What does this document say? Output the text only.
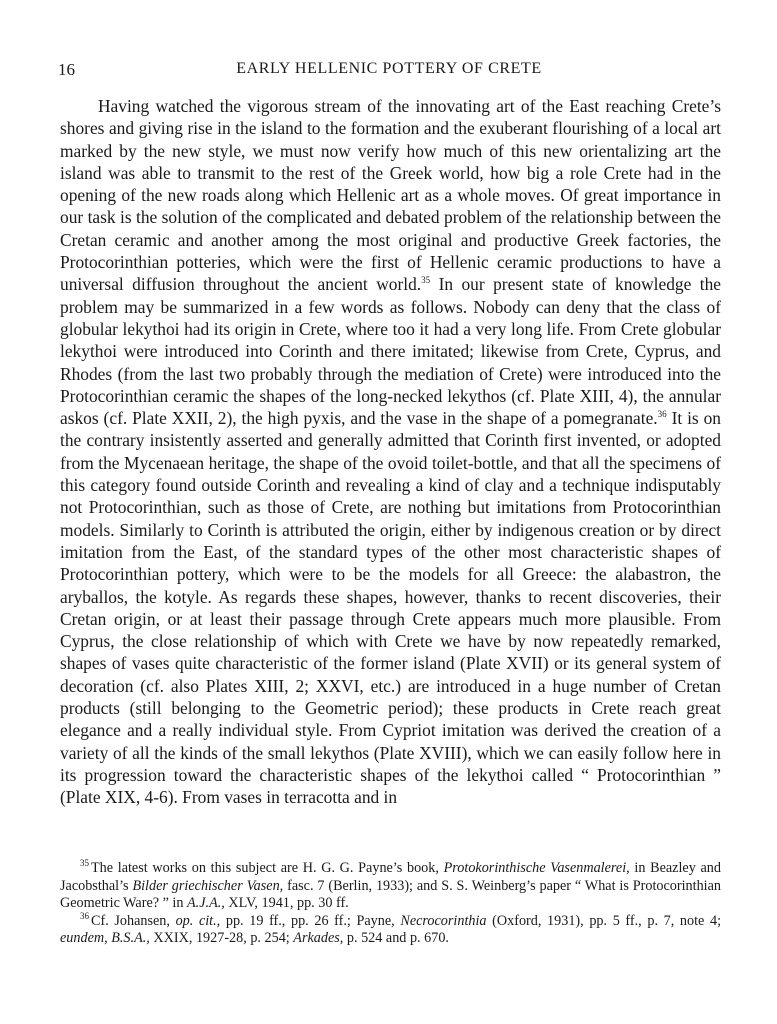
16	EARLY HELLENIC POTTERY OF CRETE

Having watched the vigorous stream of the innovating art of the East reaching Crete’s shores and giving rise in the island to the formation and the exuberant flourishing of a local art marked by the new style, we must now verify how much of this new orientalizing art the island was able to transmit to the rest of the Greek world, how big a role Crete had in the opening of the new roads along which Hellenic art as a whole moves. Of great importance in our task is the solution of the complicated and debated problem of the relationship between the Cretan ceramic and another among the most original and productive Greek factories, the Protocorinthian potteries, which were the first of Hellenic ceramic productions to have a universal diffusion throughout the ancient world.$^{35}$ In our present state of knowledge the problem may be summarized in a few words as follows. Nobody can deny that the class of globular lekythoi had its origin in Crete, where too it had a very long life. From Crete globular lekythoi were introduced into Corinth and there imitated; likewise from Crete, Cyprus, and Rhodes (from the last two probably through the mediation of Crete) were introduced into the Protocorinthian ceramic the shapes of the long-necked lekythos (cf. Plate XIII, 4), the annular askos (cf. Plate XXII, 2), the high pyxis, and the vase in the shape of a pomegranate.$^{36}$ It is on the contrary insistently asserted and generally admitted that Corinth first invented, or adopted from the Mycenaean heritage, the shape of the ovoid toilet-bottle, and that all the specimens of this category found outside Corinth and revealing a kind of clay and a technique indisputably not Protocorinthian, such as those of Crete, are nothing but imitations from Protocorinthian models. Similarly to Corinth is attributed the origin, either by indigenous creation or by direct imitation from the East, of the standard types of the other most characteristic shapes of Protocorinthian pottery, which were to be the models for all Greece: the alabastron, the aryballos, the kotyle. As regards these shapes, however, thanks to recent discoveries, their Cretan origin, or at least their passage through Crete appears much more plausible. From Cyprus, the close relationship of which with Crete we have by now repeatedly remarked, shapes of vases quite characteristic of the former island (Plate XVII) or its general system of decoration (cf. also Plates XIII, 2; XXVI, etc.) are introduced in a huge number of Cretan products (still belonging to the Geometric period); these products in Crete reach great elegance and a really individual style. From Cypriot imitation was derived the creation of a variety of all the kinds of the small lekythos (Plate XVIII), which we can easily follow here in its progression toward the characteristic shapes of the lekythoi called “ Protocorinthian ” (Plate XIX, 4-6). From vases in terracotta and in

$^{35}$ The latest works on this subject are H. G. G. Payne’s book, Protokorinthische Vasenmalerei, in Beazley and Jacobsthal’s Bilder griechischer Vasen, fasc. 7 (Berlin, 1933); and S. S. Weinberg’s paper “ What is Protocorinthian Geometric Ware? ” in A.J.A., XLV, 1941, pp. 30 ff.

$^{36}$ Cf. Johansen, op. cit., pp. 19 ff., pp. 26 ff.; Payne, Necrocorinthia (Oxford, 1931), pp. 5 ff., p. 7, note 4; eundem, B.S.A., XXIX, 1927-28, p. 254; Arkades, p. 524 and p. 670.
